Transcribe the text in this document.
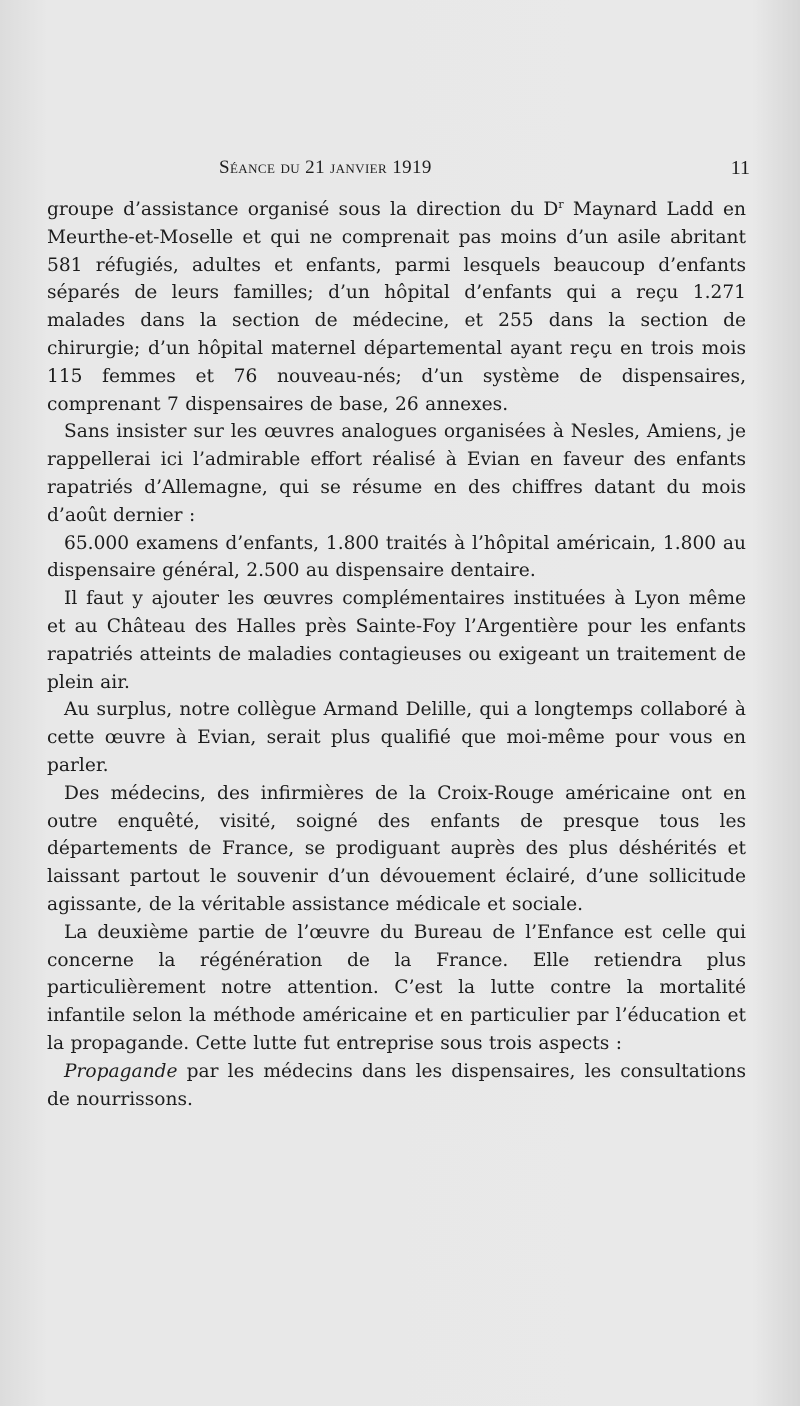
Séance du 21 janvier 1919	11

groupe d’assistance organisé sous la direction du $D^r$ Maynard Ladd en Meurthe-et-Moselle et qui ne comprenait pas moins d’un asile abritant 581 réfugiés, adultes et enfants, parmi lesquels beaucoup d’enfants séparés de leurs familles; d’un hôpital d’enfants qui a reçu 1.271 malades dans la section de médecine, et 255 dans la section de chirurgie; d’un hôpital maternel départemental ayant reçu en trois mois 115 femmes et 76 nouveau-nés; d’un système de dispensaires, comprenant 7 dispensaires de base, 26 annexes.

Sans insister sur les œuvres analogues organisées à Nesles, Amiens, je rappellerai ici l’admirable effort réalisé à Evian en faveur des enfants rapatriés d’Allemagne, qui se résume en des chiffres datant du mois d’août dernier :

65.000 examens d’enfants, 1.800 traités à l’hôpital américain, 1.800 au dispensaire général, 2.500 au dispensaire dentaire.

Il faut y ajouter les œuvres complémentaires instituées à Lyon même et au Château des Halles près Sainte-Foy l’Argentière pour les enfants rapatriés atteints de maladies contagieuses ou exigeant un traitement de plein air.

Au surplus, notre collègue Armand Delille, qui a longtemps collaboré à cette œuvre à Evian, serait plus qualifié que moi-même pour vous en parler.

Des médecins, des infirmières de la Croix-Rouge américaine ont en outre enquêté, visité, soigné des enfants de presque tous les départements de France, se prodiguant auprès des plus déshérités et laissant partout le souvenir d’un dévouement éclairé, d’une sollicitude agissante, de la véritable assistance médicale et sociale.

La deuxième partie de l’œuvre du Bureau de l’Enfance est celle qui concerne la régénération de la France. Elle retiendra plus particulièrement notre attention. C’est la lutte contre la mortalité infantile selon la méthode américaine et en particulier par l’éducation et la propagande. Cette lutte fut entreprise sous trois aspects :

Propagande par les médecins dans les dispensaires, les consultations de nourrissons.
